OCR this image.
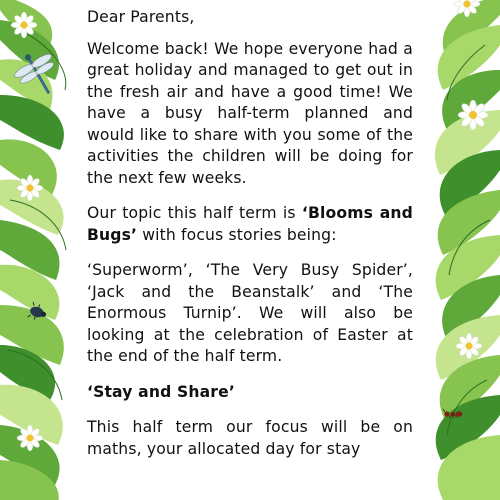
Dear Parents,

Welcome back! We hope everyone had a great holiday and managed to get out in the fresh air and have a good time! We have a busy half-term planned and would like to share with you some of the activities the children will be doing for the next few weeks.

Our topic this half term is ‘Blooms and Bugs’ with focus stories being:

‘Superworm’, ‘The Very Busy Spider’, ‘Jack and the Beanstalk’ and ‘The Enormous Turnip’. We will also be looking at the celebration of Easter at the end of the half term.

‘Stay and Share’

This half term our focus will be on maths, your allocated day for stay
